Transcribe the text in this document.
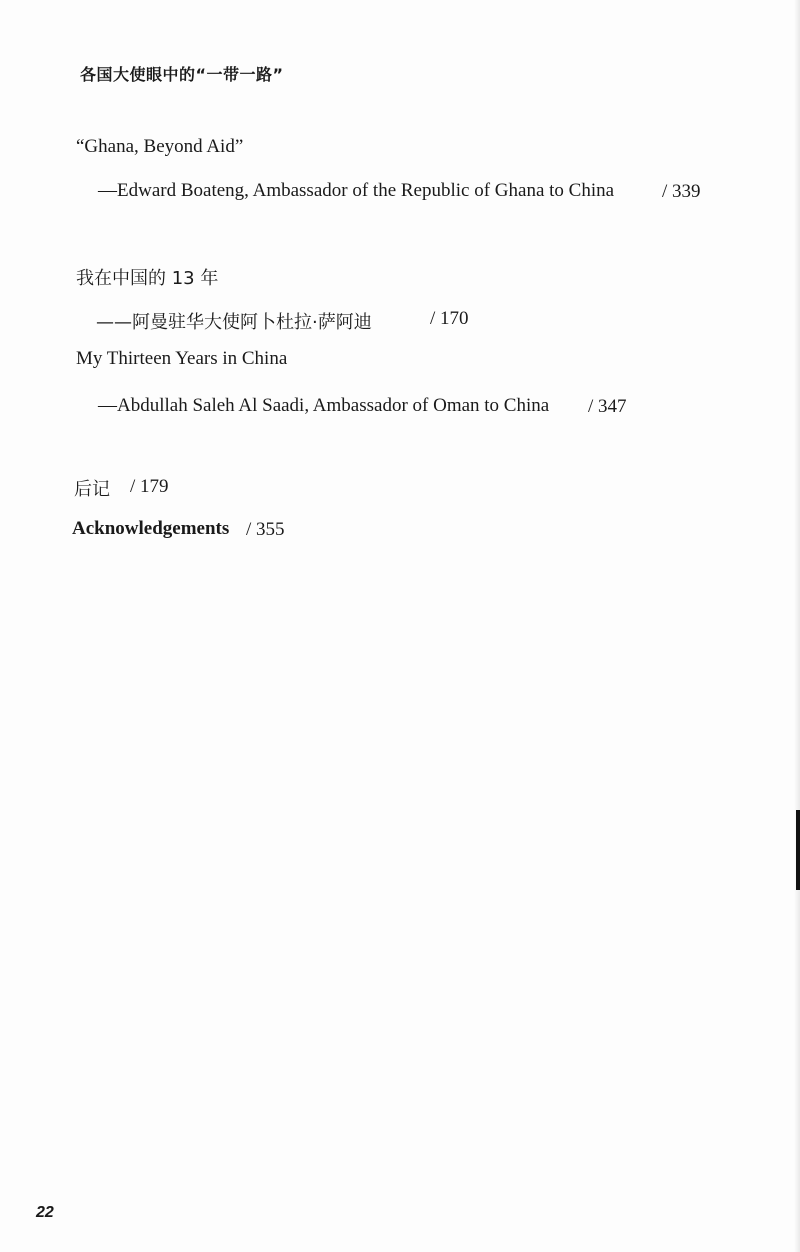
各国大使眼中的“一带一路”
“Ghana, Beyond Aid”
—Edward Boateng, Ambassador of the Republic of Ghana to China	/ 339
我在中国的 13 年
——阿曼驻华大使阿卜杜拉·萨阿迪	/ 170
My Thirteen Years in China
—Abdullah Saleh Al Saadi, Ambassador of Oman to China / 347
后记 / 179
Acknowledgements / 355
22
